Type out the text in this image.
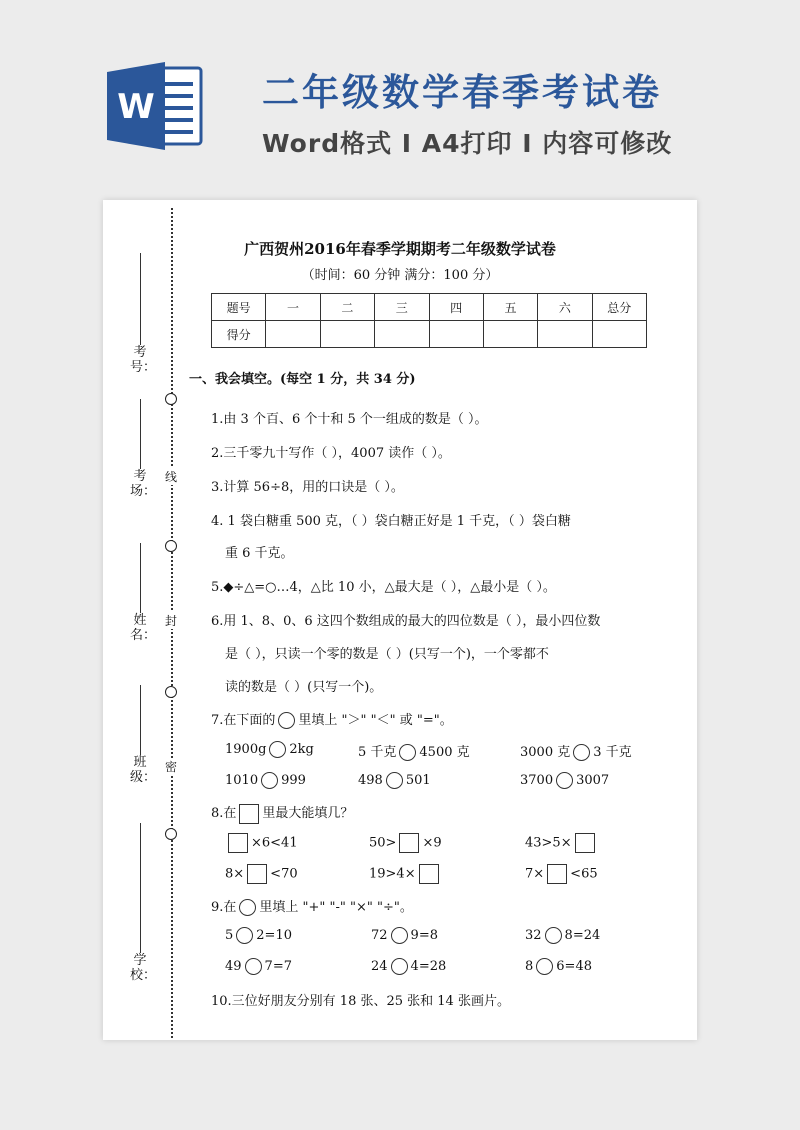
W	二年级数学春季考试卷
Word格式 I A4打印 I 内容可修改
线
封
密
考号：
考场：
姓名：
班级：
学校：
广西贺州2016年春季学期期考二年级数学试卷
（时间：60 分钟 满分：100 分）
题号	一	二	三	四	五	六	总分
得分							
一、我会填空。(每空 1 分，共 34 分)
1.由 3 个百、6 个十和 5 个一组成的数是（ ）。
2.三千零九十写作（ ），4007 读作（ ）。
3.计算 56÷8，用的口诀是（ ）。
4. 1 袋白糖重 500 克，（ ）袋白糖正好是 1 千克，（ ）袋白糖
重 6 千克。
5.◆÷△=○…4，△比 10 小，△最大是（ ），△最小是（ ）。
6.用 1、8、0、6 这四个数组成的最大的四位数是（ ），最小四位数
是（ ），只读一个零的数是（ ）(只写一个)，一个零都不
读的数是（ ）(只写一个)。
7.在下面的 里填上 "＞" "＜" 或 "="。
1900g 2kg	5 千克 4500 克	3000 克 3 千克
1010 999	498 501	3700 3007
8.在 里最大能填几？
×6<41	50> ×9	43>5×
8× <70	19>4×	7× <65
9.在 里填上 "+" "-" "×" "÷"。
5 2=10	72 9=8	32 8=24
49 7=7	24 4=28	8 6=48
10.三位好朋友分别有 18 张、25 张和 14 张画片。
